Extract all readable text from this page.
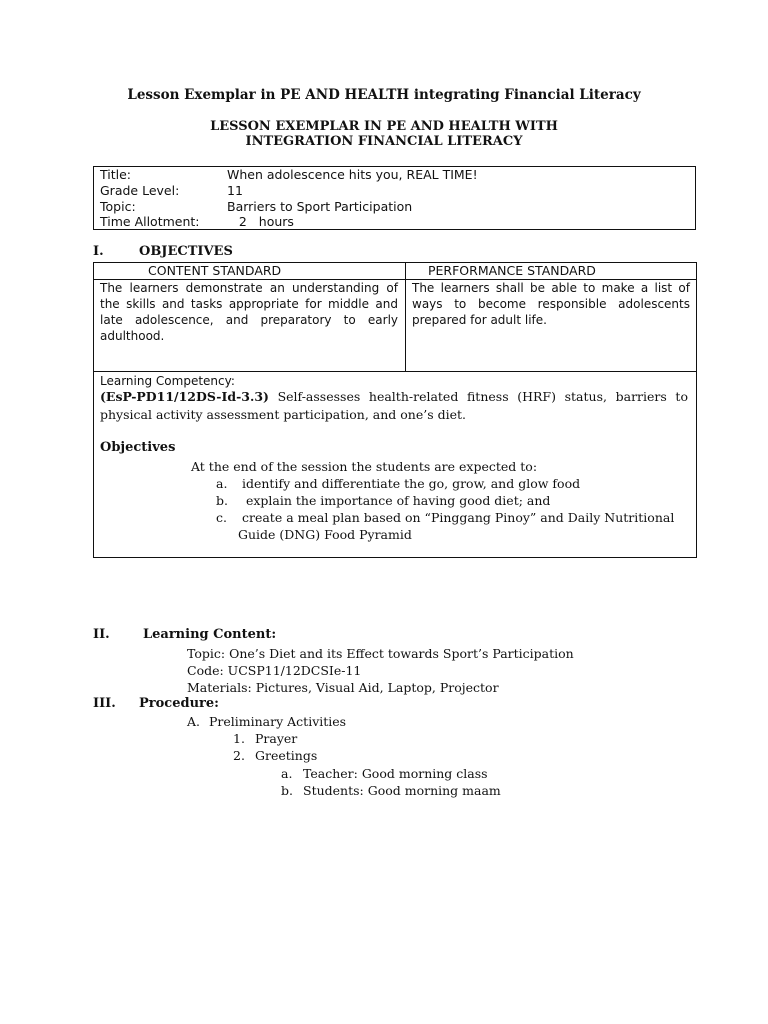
Lesson Exemplar in PE AND HEALTH integrating Financial Literacy
LESSON EXEMPLAR IN PE AND HEALTH WITH
INTEGRATION FINANCIAL LITERACY
Title:	When adolescence hits you, REAL TIME!
Grade Level:	11
Topic:	Barriers to Sport Participation
Time Allotment:   2   hours
I.	OBJECTIVES
CONTENT STANDARD	PERFORMANCE STANDARD
The learners demonstrate an understanding of the skills and tasks appropriate for middle and late adolescence, and preparatory to early adulthood.
The learners shall be able to make a list of ways to become responsible adolescents prepared for adult life.
Learning Competency:
(EsP-PD11/12DS-Id-3.3) Self-assesses health-related fitness (HRF) status, barriers to physical activity assessment participation, and one’s diet.
Objectives
At the end of the session the students are expected to:
a. identify and differentiate the go, grow, and glow food
b.  explain the importance of having good diet; and
c. create a meal plan based on “Pinggang Pinoy” and Daily Nutritional
Guide (DNG) Food Pyramid
II.	Learning Content:
Topic: One’s Diet and its Effect towards Sport’s Participation
Code: UCSP11/12DCSIe-11
Materials: Pictures, Visual Aid, Laptop, Projector
III. Procedure:
A. Preliminary Activities
1. Prayer
2. Greetings
a. Teacher: Good morning class
b. Students: Good morning maam
